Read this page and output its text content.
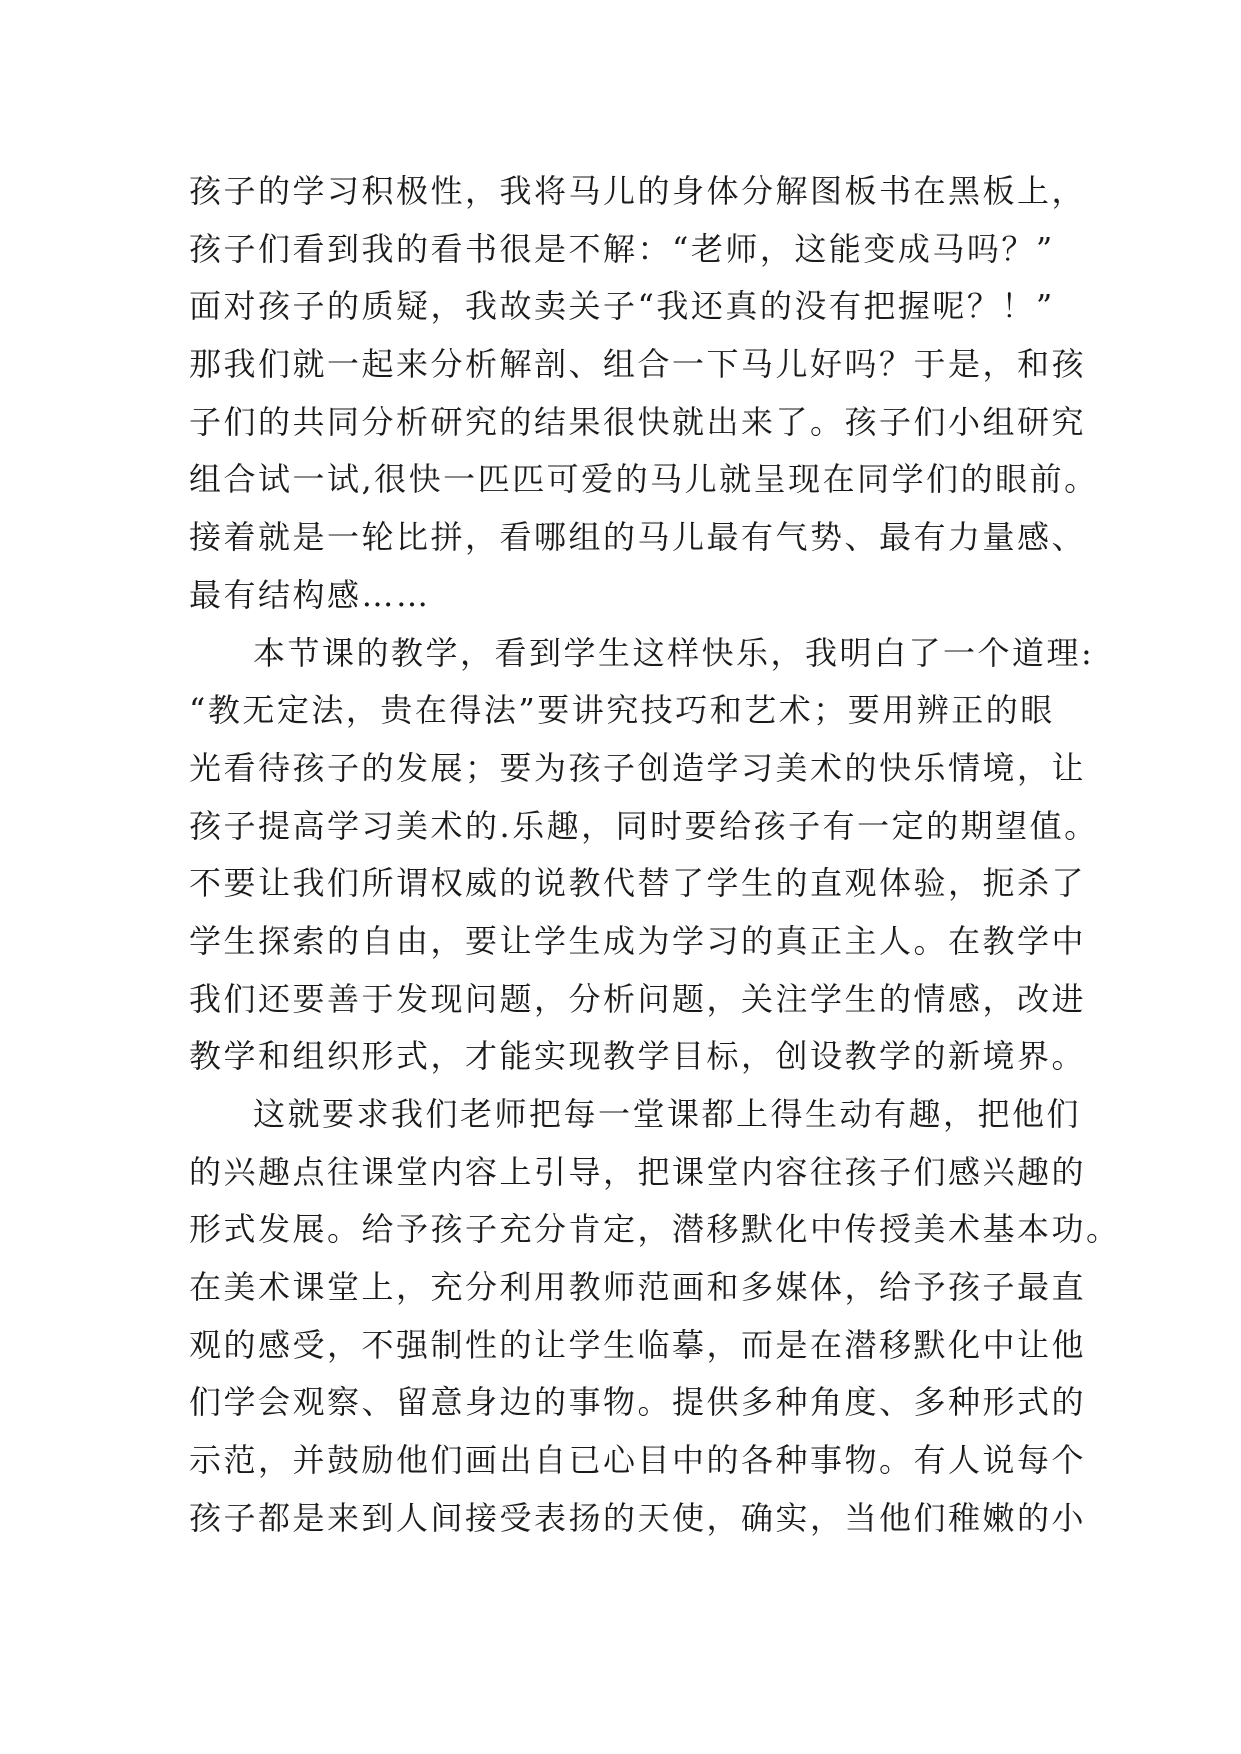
孩子的学习积极性，我将马儿的身体分解图板书在黑板上，

孩子们看到我的看书很是不解：“老师，这能变成马吗？”

面对孩子的质疑，我故卖关子“我还真的没有把握呢？！”

那我们就一起来分析解剖、组合一下马儿好吗？于是，和孩

子们的共同分析研究的结果很快就出来了。孩子们小组研究

组合试一试,很快一匹匹可爱的马儿就呈现在同学们的眼前。

接着就是一轮比拼，看哪组的马儿最有气势、最有力量感、

最有结构感……

本节课的教学，看到学生这样快乐，我明白了一个道理:

“教无定法，贵在得法”要讲究技巧和艺术；要用辨正的眼

光看待孩子的发展；要为孩子创造学习美术的快乐情境，让

孩子提高学习美术的.乐趣，同时要给孩子有一定的期望值。

不要让我们所谓权威的说教代替了学生的直观体验，扼杀了

学生探索的自由，要让学生成为学习的真正主人。在教学中

我们还要善于发现问题，分析问题，关注学生的情感，改进

教学和组织形式，才能实现教学目标，创设教学的新境界。

这就要求我们老师把每一堂课都上得生动有趣，把他们

的兴趣点往课堂内容上引导，把课堂内容往孩子们感兴趣的

形式发展。给予孩子充分肯定，潜移默化中传授美术基本功。

在美术课堂上，充分利用教师范画和多媒体，给予孩子最直

观的感受，不强制性的让学生临摹，而是在潜移默化中让他

们学会观察、留意身边的事物。提供多种角度、多种形式的

示范，并鼓励他们画出自已心目中的各种事物。有人说每个

孩子都是来到人间接受表扬的天使，确实，当他们稚嫩的小
